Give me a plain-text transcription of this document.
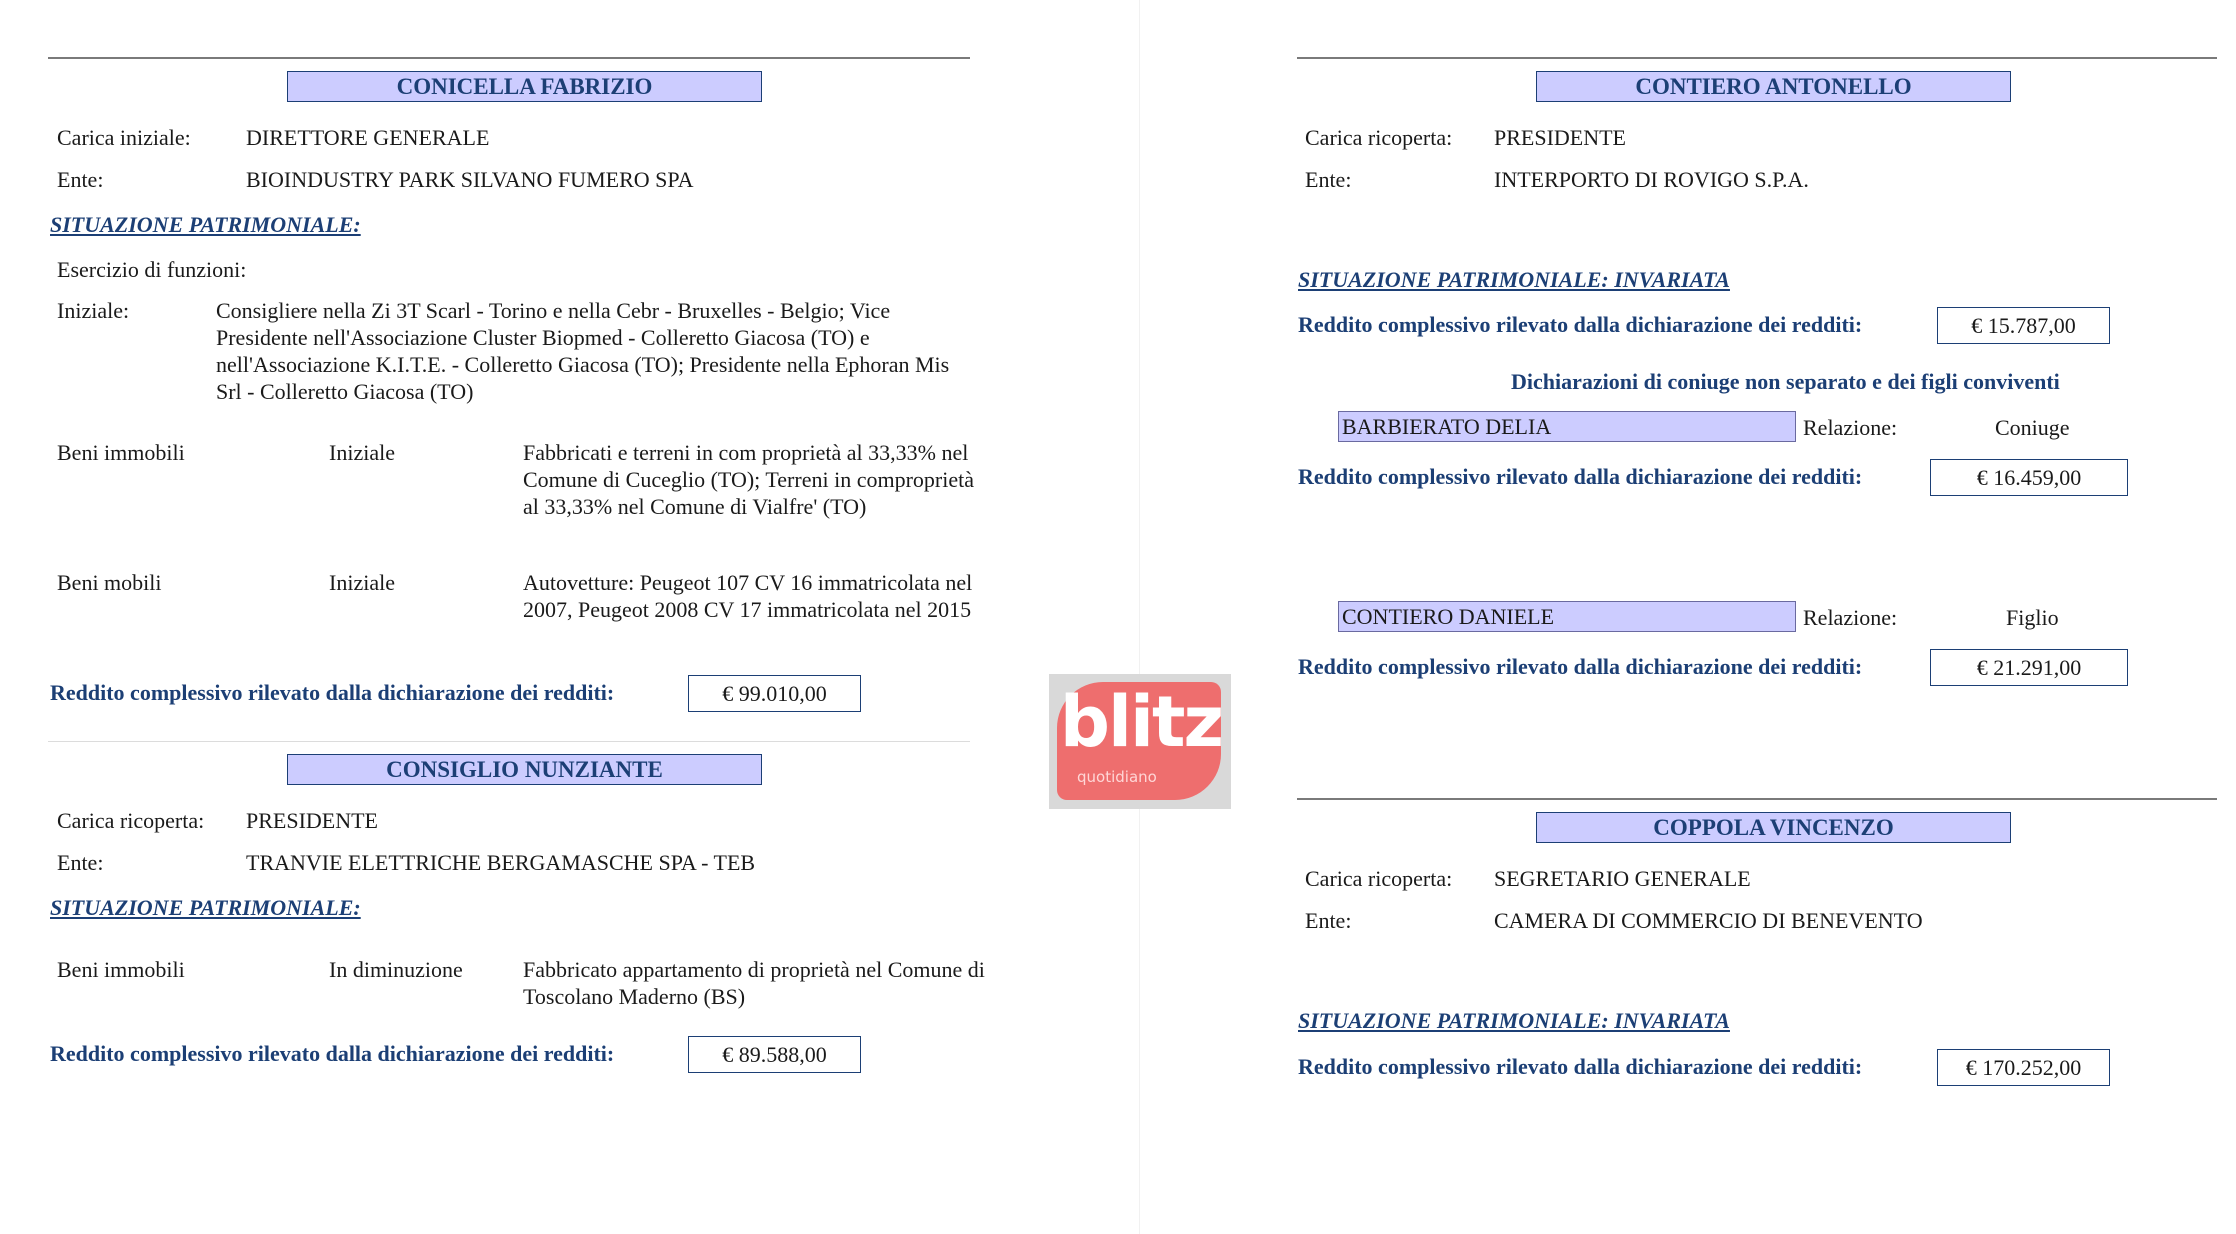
CONICELLA FABRIZIO
Carica iniziale:	DIRETTORE GENERALE
Ente:	BIOINDUSTRY PARK SILVANO FUMERO SPA
SITUAZIONE PATRIMONIALE:
Esercizio di funzioni:
Iniziale:	Consigliere nella Zi 3T Scarl - Torino e nella Cebr - Bruxelles - Belgio; Vice Presidente nell'Associazione Cluster Biopmed - Colleretto Giacosa (TO) e nell'Associazione K.I.T.E. - Colleretto Giacosa (TO); Presidente nella Ephoran Mis Srl - Colleretto Giacosa (TO)
Beni immobili	Iniziale	Fabbricati e terreni in com proprietà al 33,33% nel Comune di Cuceglio (TO); Terreni in comproprietà al 33,33% nel Comune di Vialfre' (TO)
Beni mobili	Iniziale	Autovetture: Peugeot 107 CV 16 immatricolata nel 2007, Peugeot 2008 CV 17 immatricolata nel 2015
Reddito complessivo rilevato dalla dichiarazione dei redditi:	€ 99.010,00
CONSIGLIO NUNZIANTE
Carica ricoperta: PRESIDENTE
Ente:	TRANVIE ELETTRICHE BERGAMASCHE SPA - TEB
SITUAZIONE PATRIMONIALE:
Beni immobili	In diminuzione	Fabbricato appartamento di proprietà nel Comune di Toscolano Maderno (BS)
Reddito complessivo rilevato dalla dichiarazione dei redditi:	€ 89.588,00
CONTIERO ANTONELLO
Carica ricoperta: PRESIDENTE
Ente:	INTERPORTO DI ROVIGO S.P.A.
SITUAZIONE PATRIMONIALE: INVARIATA
Reddito complessivo rilevato dalla dichiarazione dei redditi:	€ 15.787,00
Dichiarazioni di coniuge non separato e dei figli conviventi
BARBIERATO DELIA	Relazione:	Coniuge
Reddito complessivo rilevato dalla dichiarazione dei redditi:	€ 16.459,00
CONTIERO DANIELE	Relazione:	Figlio
Reddito complessivo rilevato dalla dichiarazione dei redditi:	€ 21.291,00
COPPOLA VINCENZO
Carica ricoperta: SEGRETARIO GENERALE
Ente:	CAMERA DI COMMERCIO DI BENEVENTO
SITUAZIONE PATRIMONIALE: INVARIATA
Reddito complessivo rilevato dalla dichiarazione dei redditi:	€ 170.252,00
blitz
quotidiano
